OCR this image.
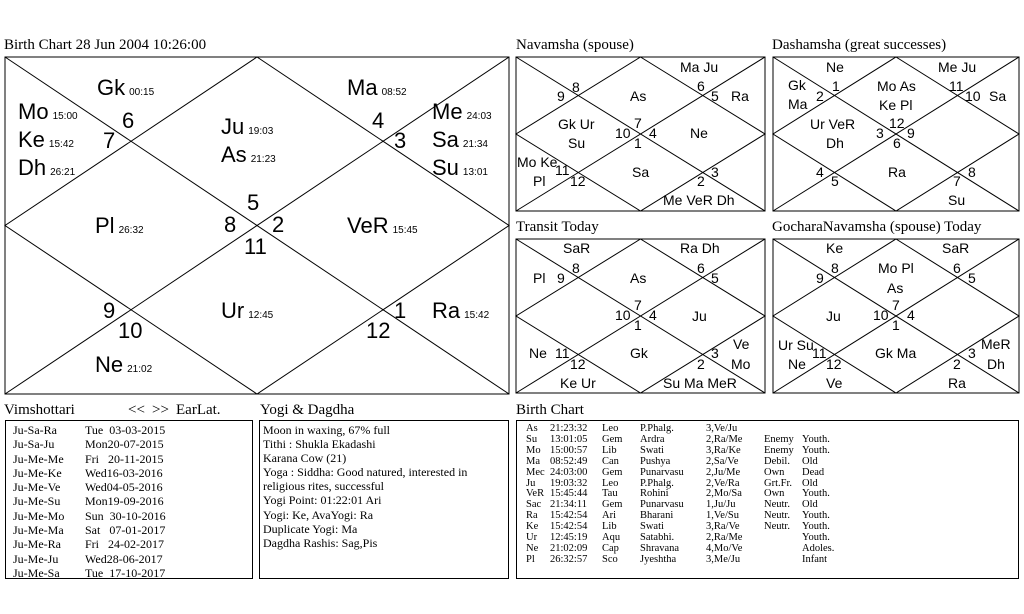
Birth Chart 28 Jun 2004 10:26:00	Navamsha (spouse)	Dashamsha (great successes)
Transit Today	GocharaNavamsha (spouse) Today
Gk 00:15
6
Ma 08:52
4
Mo 15:00
Ke 15:42
Dh 26:21
7
Ju 19:03
As 21:23
Me 24:03
Sa 21:34
Su 13:01
3
5
8 2
11
Pl 26:32	VeR 15:45
9
10
Ur 12:45	1
12
Ra 15:42
Ne 21:02
Ma Ju
9
8
As
6
5 Ra
Gk Ur
Su
10
7
1
4 Ne
Mo Ke
Pl
11
12
Sa
2
3
Me VeR Dh
Ne	Me Ju
Gk
Ma 2
1	Mo As
Ke Pl
11
10 Sa
Ur VeR
Dh
3
12
6
9
4
5
Ra
7
8
Su
SaR	Ra Dh
Pl 9
8
As
6
5
10
7
1
4	Ju
Ne 11
12
Gk
2
3
Ve
Mo
Ke Ur	Su Ma MeR
Ke	SaR
9
8	Mo Pl
As
6
5
Ju 10
7
1
4
Ur Su
Ne
11
12
Gk Ma
2
3
MeR
Dh
Ve	Ra
Vimshottari	<< >> EarLat.
Ju-Sa-Ra	Tue  03-03-2015
Ju-Sa-Ju	Mon20-07-2015
Ju-Me-Me	Fri   20-11-2015
Ju-Me-Ke	Wed16-03-2016
Ju-Me-Ve	Wed04-05-2016
Ju-Me-Su	Mon19-09-2016
Ju-Me-Mo	Sun  30-10-2016
Ju-Me-Ma	Sat   07-01-2017
Ju-Me-Ra	Fri   24-02-2017
Ju-Me-Ju	Wed28-06-2017
Ju-Me-Sa	Tue  17-10-2017
Yogi & Dagdha
Moon in waxing, 67% full
Tithi : Shukla Ekadashi
Karana Cow (21)
Yoga : Siddha: Good natured, interested in religious rites, successful
Yogi Point: 01:22:01 Ari
Yogi: Ke, AvaYogi: Ra
Duplicate Yogi: Ma
Dagdha Rashis: Sag,Pis
Birth Chart
As	21:23:32	Leo	P.Phalg.	3,Ve/Ju
Su	13:01:05	Gem	Ardra	2,Ra/Me	Enemy Youth.
Mo 15:00:57	Lib	Swati	3,Ra/Ke	Enemy Youth.
Ma 08:52:49	Can	Pushya	2,Sa/Ve	Debil.	Old
Mec 24:03:00	Gem	Punarvasu	2,Ju/Me	Own	Dead
Ju	19:03:32	Leo	P.Phalg.	2,Ve/Ra	Grt.Fr. Old
VeR 15:45:44	Tau	Rohini	2,Mo/Sa	Own	Youth.
Sac 21:34:11	Gem	Punarvasu	1,Ju/Ju	Neutr.	Old
Ra	15:42:54	Ari	Bharani	1,Ve/Su	Neutr.	Youth.
Ke	15:42:54	Lib	Swati	3,Ra/Ve	Neutr.	Youth.
Ur	12:45:19	Aqu	Satabhi.	2,Ra/Me	Youth.
Ne	21:02:09	Cap	Shravana	4,Mo/Ve	Adoles.
Pl	26:32:57	Sco	Jyeshtha	3,Me/Ju	Infant
